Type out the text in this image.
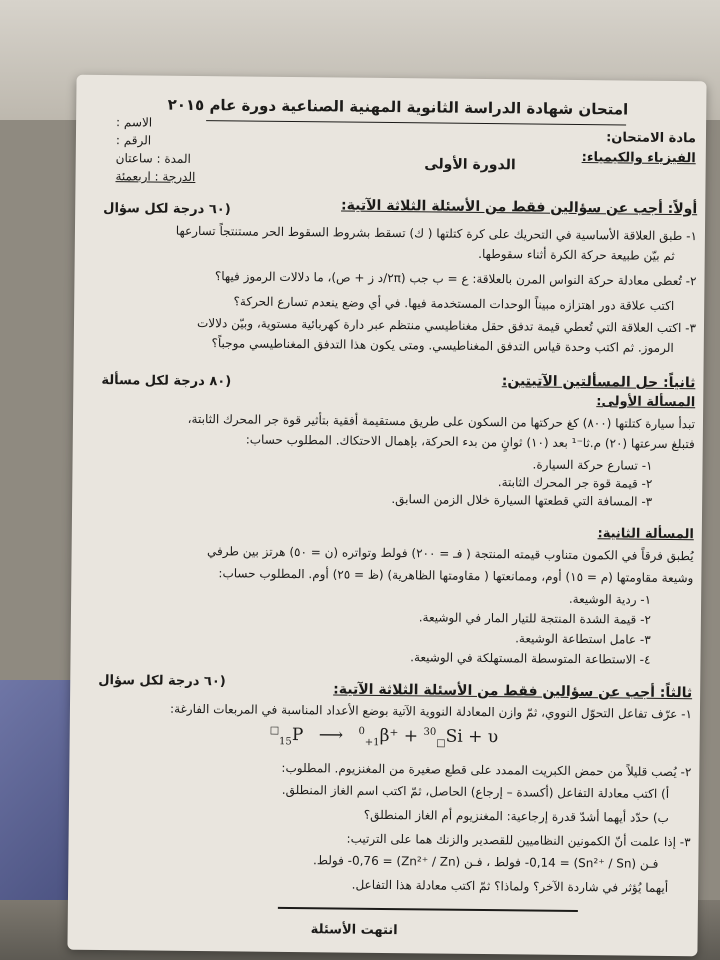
امتحان شهادة الدراسة الثانوية المهنية الصناعية دورة عام ٢٠١٥
مادة الامتحان:
الفيزياء والكيمياء:
الدورة الأولى
الاسم :
الرقم :
المدة : ساعتان
الدرجة : اربعمئة
أولاً: أجب عن سؤالين فقط من الأسئلة الثلاثة الآتية:
(٦٠ درجة لكل سؤال
١- طبق العلاقة الأساسية في التحريك على كرة كتلتها ( ك) تسقط بشروط السقوط الحر مستنتجاً تسارعها
ثم بيّن طبيعة حركة الكرة أثناء سقوطها.
٢- تُعطى معادلة حركة النواس المرن بالعلاقة: ع = ب جب (٢π/د ز + ص)، ما دلالات الرموز فيها؟
اكتب علاقة دور اهتزازه مبيناً الوحدات المستخدمة فيها. في أي وضع ينعدم تسارع الحركة؟
٣- اكتب العلاقة التي تُعطي قيمة تدفق حقل مغناطيسي منتظم عبر دارة كهربائية مستوية، وبيّن دلالات
الرموز. ثم اكتب وحدة قياس التدفق المغناطيسي. ومتى يكون هذا التدفق المغناطيسي موجباً؟
ثانياً: حل المسألتين الآتيتين:
(٨٠ درجة لكل مسألة
المسألة الأولى:
تبدأ سيارة كتلتها (٨٠٠) كغ حركتها من السكون على طريق مستقيمة أفقية بتأثير قوة جر المحرك الثابتة،
فتبلغ سرعتها (٢٠) م.ثا⁻¹ بعد (١٠) ثوانٍ من بدء الحركة، بإهمال الاحتكاك. المطلوب حساب:
١- تسارع حركة السيارة.
٢- قيمة قوة جر المحرك الثابتة.
٣- المسافة التي قطعتها السيارة خلال الزمن السابق.
المسألة الثانية:
يُطبق فرقاً في الكمون متناوب قيمته المنتجة ( فـ = ٢٠٠) فولط وتواتره (ن = ٥٠) هرتز بين طرفي
وشيعة مقاومتها (م = ١٥) أوم، وممانعتها ( مقاومتها الظاهرية) (ظ = ٢٥) أوم. المطلوب حساب:
١- ردية الوشيعة.
٢- قيمة الشدة المنتجة للتيار المار في الوشيعة.
٣- عامل استطاعة الوشيعة.
٤- الاستطاعة المتوسطة المستهلكة في الوشيعة.
ثالثاً: أجب عن سؤالين فقط من الأسئلة الثلاثة الآتية:
(٦٠ درجة لكل سؤال
١- عرّف تفاعل التحوّل النووي، ثمّ وازن المعادلة النووية الآتية بوضع الأعداد المناسبة في المربعات الفارغة:
□$_{15}$P ⟶ $^0_{+1}$β⁺ + $^{30}_□$Si + υ
٢- يُصب قليلاً من حمض الكبريت الممدد على قطع صغيرة من المغنزيوم. المطلوب:
أ) اكتب معادلة التفاعل (أكسدة – إرجاع) الحاصل، ثمّ اكتب اسم الغاز المنطلق.
ب) حدّد أيهما أشدّ قدرة إرجاعية: المغنزيوم أم الغاز المنطلق؟
٣- إذا علمت أنّ الكمونين النظاميين للقصدير والزنك هما على الترتيب:
فـن (Sn²⁺ / Sn) = ‎-0,14 فولط ، فـن (Zn²⁺ / Zn) = ‎-0,76 فولط.
أيهما يُؤثر في شاردة الآخر؟ ولماذا؟ ثمّ اكتب معادلة هذا التفاعل.
انتهت الأسئلة
